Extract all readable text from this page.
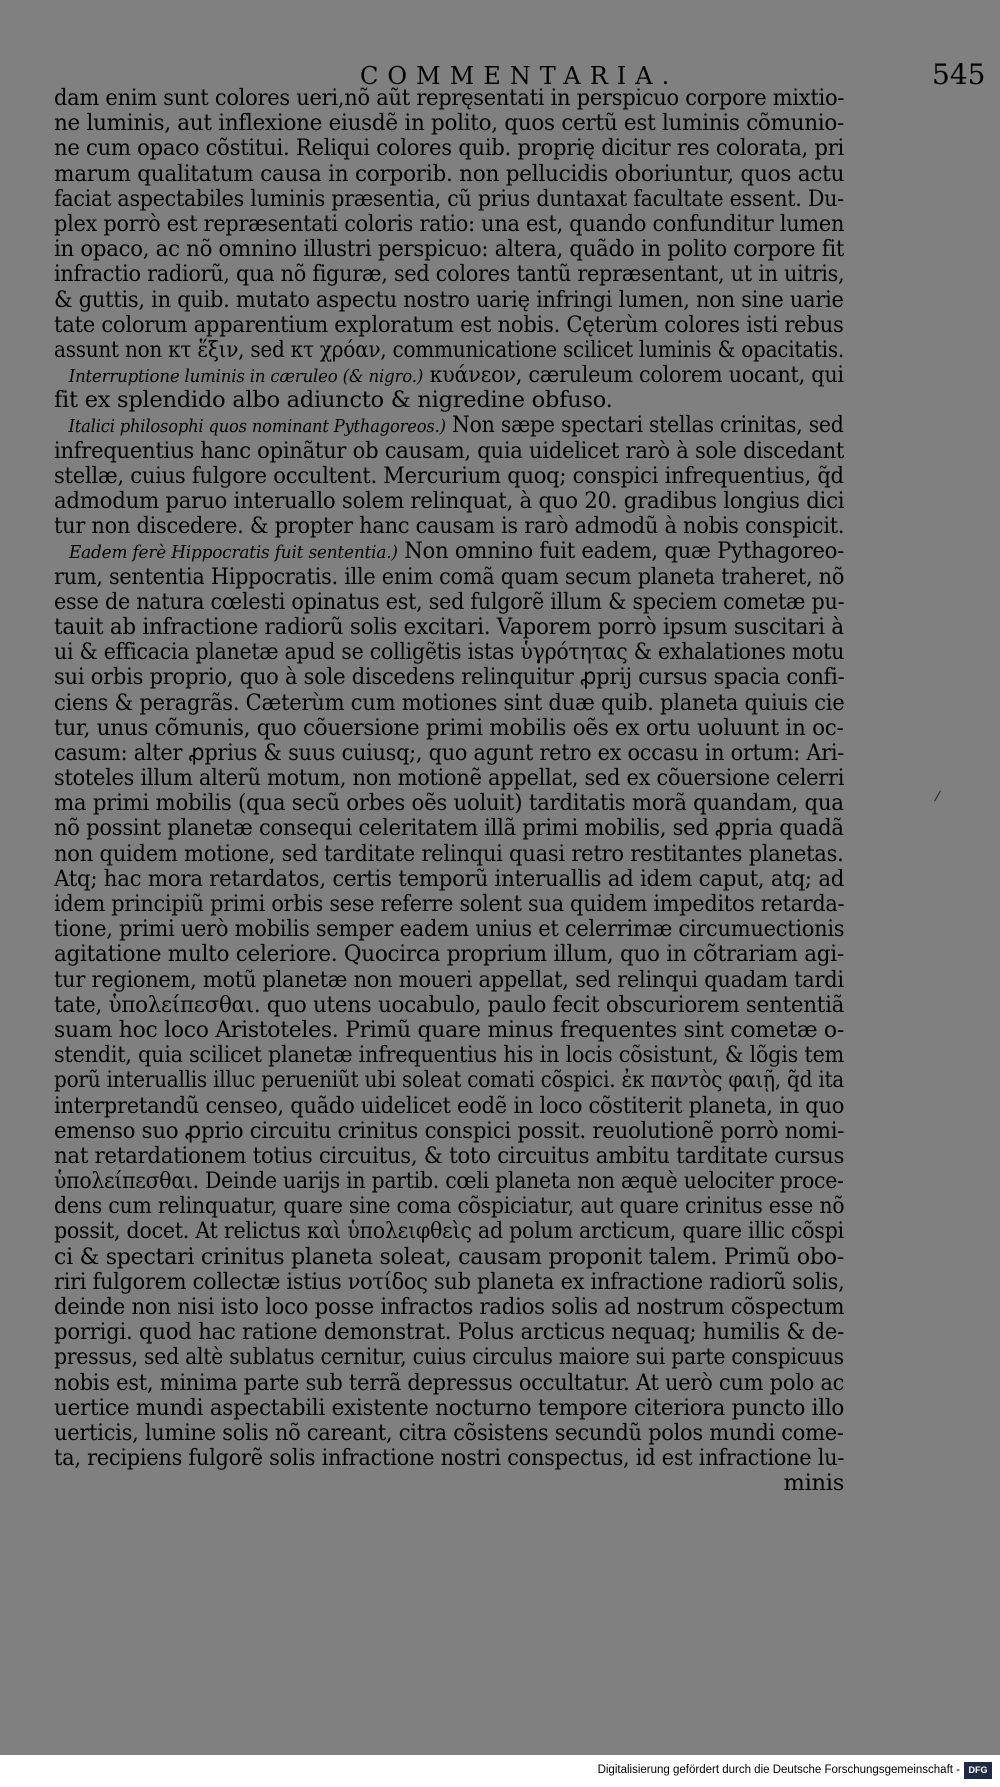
COMMENTARIA.	545
dam enim sunt colores ueri,nõ aũt repręsentati in perspicuo corpore mixtio-
ne luminis, aut inflexione eiusdẽ in polito, quos certũ est luminis cõmunio-
ne cum opaco cõstitui. Reliqui colores quib. proprię dicitur res colorata, pri
marum qualitatum causa in corporib. non pellucidis oboriuntur, quos actu
faciat aspectabiles luminis præsentia, cũ prius duntaxat facultate essent. Du-
plex porrò est repræsentati coloris ratio: una est, quando confunditur lumen
in opaco, ac nõ omnino illustri perspicuo: altera, quãdo in polito corpore fit
infractio radiorũ, qua nõ figuræ, sed colores tantũ repræsentant, ut in uitris,
& guttis, in quib. mutato aspectu nostro uarię infringi lumen, non sine uarie
tate colorum apparentium exploratum est nobis. Cęterùm colores isti rebus
assunt non κτ ἕξιν, sed κτ χρόαν, communicatione scilicet luminis & opacitatis.
Interruptione luminis in cæruleo (& nigro.) κυάνεον, cæruleum colorem uocant, qui
fit ex splendido albo adiuncto & nigredine obfuso.
Italici philosophi quos nominant Pythagoreos.) Non sæpe spectari stellas crinitas, sed
infrequentius hanc opinãtur ob causam, quia uidelicet rarò à sole discedant
stellæ, cuius fulgore occultent. Mercurium quoq; conspici infrequentius, q̃d
admodum paruo interuallo solem relinquat, à quo 20. gradibus longius dici
tur non discedere. & propter hanc causam is rarò admodũ à nobis conspicit.
Eadem ferè Hippocratis fuit sententia.) Non omnino fuit eadem, quæ Pythagoreo-
rum, sententia Hippocratis. ille enim comã quam secum planeta traheret, nõ
esse de natura cœlesti opinatus est, sed fulgorẽ illum & speciem cometæ pu-
tauit ab infractione radiorũ solis excitari. Vaporem porrò ipsum suscitari à
ui & efficacia planetæ apud se colligẽtis istas ὑγρότητας & exhalationes motu
sui orbis proprio, quo à sole discedens relinquitur ꝓprij cursus spacia confi-
ciens & peragrãs. Cæterùm cum motiones sint duæ quib. planeta quiuis cie
tur, unus cõmunis, quo cõuersione primi mobilis oẽs ex ortu uoluunt in oc-
casum: alter ꝓprius & suus cuiusq;, quo agunt retro ex occasu in ortum: Ari-
stoteles illum alterũ motum, non motionẽ appellat, sed ex cõuersione celerri
ma primi mobilis (qua secũ orbes oẽs uoluit) tarditatis morã quandam, qua
nõ possint planetæ consequi celeritatem illã primi mobilis, sed ꝓpria quadã
non quidem motione, sed tarditate relinqui quasi retro restitantes planetas.
Atq; hac mora retardatos, certis temporũ interuallis ad idem caput, atq; ad
idem principiũ primi orbis sese referre solent sua quidem impeditos retarda-
tione, primi uerò mobilis semper eadem unius et celerrimæ circumuectionis
agitatione multo celeriore. Quocirca proprium illum, quo in cõtrariam agi-
tur regionem, motũ planetæ non moueri appellat, sed relinqui quadam tardi
tate, ὑπολείπεσθαι. quo utens uocabulo, paulo fecit obscuriorem sententiã
suam hoc loco Aristoteles. Primũ quare minus frequentes sint cometæ o-
stendit, quia scilicet planetæ infrequentius his in locis cõsistunt, & lõgis tem
porũ interuallis illuc perueniũt ubi soleat comati cõspici. ἐκ παντὸς φαιῇ, q̃d ita
interpretandũ censeo, quãdo uidelicet eodẽ in loco cõstiterit planeta, in quo
emenso suo ꝓprio circuitu crinitus conspici possit. reuolutionẽ porrò nomi-
nat retardationem totius circuitus, & toto circuitus ambitu tarditate cursus
ὑπολείπεσθαι. Deinde uarijs in partib. cœli planeta non æquè uelociter proce-
dens cum relinquatur, quare sine coma cõspiciatur, aut quare crinitus esse nõ
possit, docet. At relictus καὶ ὑπολειφθεὶς ad polum arcticum, quare illic cõspi
ci & spectari crinitus planeta soleat, causam proponit talem. Primũ obo-
riri fulgorem collectæ istius νοτίδος sub planeta ex infractione radiorũ solis,
deinde non nisi isto loco posse infractos radios solis ad nostrum cõspectum
porrigi. quod hac ratione demonstrat. Polus arcticus nequaq; humilis & de-
pressus, sed altè sublatus cernitur, cuius circulus maiore sui parte conspicuus
nobis est, minima parte sub terrã depressus occultatur. At uerò cum polo ac
uertice mundi aspectabili existente nocturno tempore citeriora puncto illo
uerticis, lumine solis nõ careant, citra cõsistens secundũ polos mundi come-
ta, recipiens fulgorẽ solis infractione nostri conspectus, id est infractione lu-
minis
Digitalisierung gefördert durch die Deutsche Forschungsgemeinschaft - DFG
